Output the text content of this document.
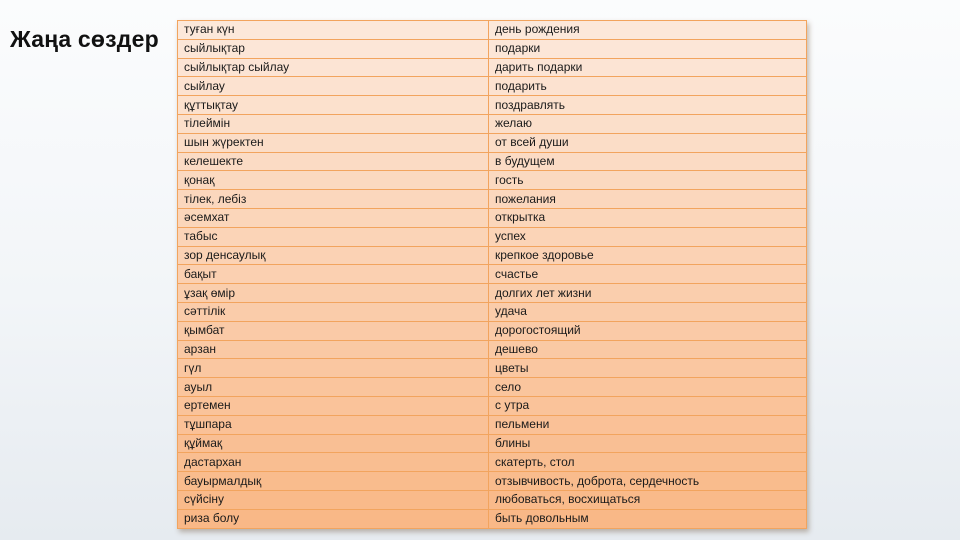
Жаңа сөздер туған күн	день рождения
сыйлықтар	подарки
сыйлықтар сыйлау	дарить подарки
сыйлау	подарить
құттықтау	поздравлять
тілеймін	желаю
шын жүректен	от всей души
келешекте	в будущем
қонақ	гость
тілек, лебіз	пожелания
әсемхат	открытка
табыс	успех
зор денсаулық	крепкое здоровье
бақыт	счастье
ұзақ өмір	долгих лет жизни
сәттілік	удача
қымбат	дорогостоящий
арзан	дешево
гүл	цветы
ауыл	село
ертемен	с утра
тұшпара	пельмени
құймақ	блины
дастархан	скатерть, стол
бауырмалдық	отзывчивость, доброта, сердечность
сүйсіну	любоваться, восхищаться
риза болу	быть довольным
